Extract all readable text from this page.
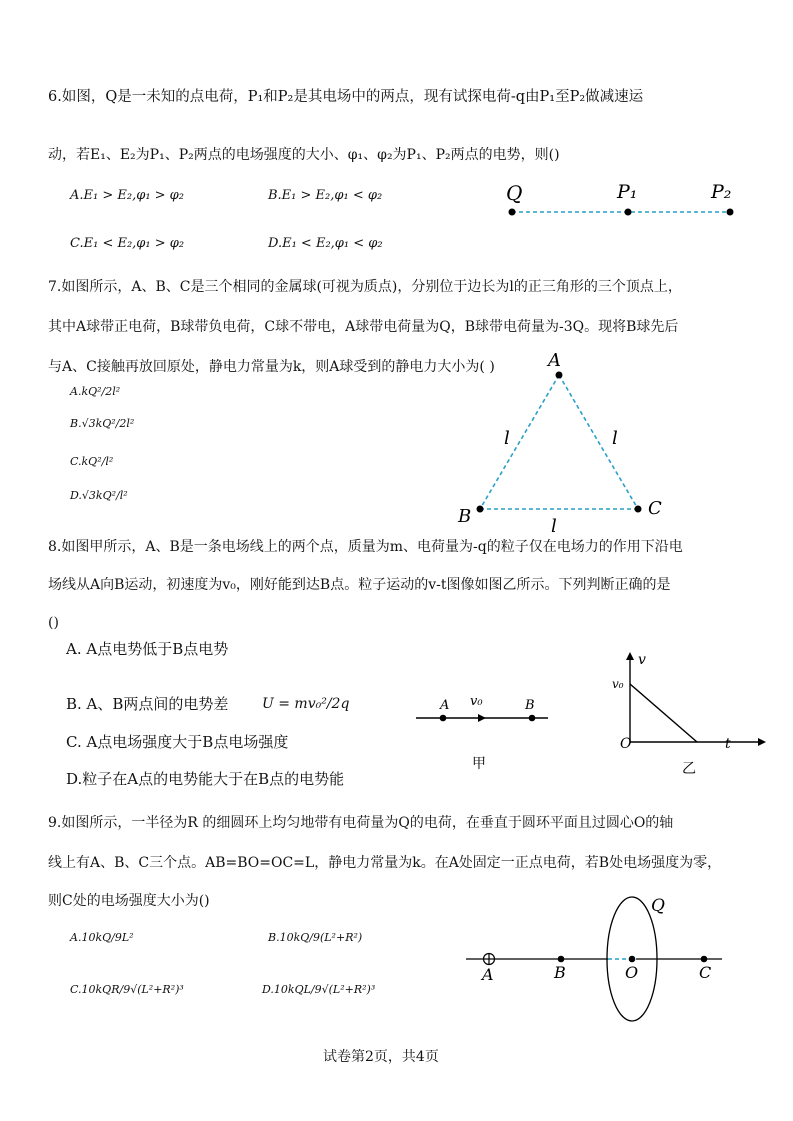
6.如图，Q是一未知的点电荷，P₁和P₂是其电场中的两点，现有试探电荷-q由P₁至P₂做减速运
动，若E₁、E₂为P₁、P₂两点的电场强度的大小、φ₁、φ₂为P₁、P₂两点的电势，则()
A.E₁ > E₂,φ₁ > φ₂	B.E₁ > E₂,φ₁ < φ₂
C.E₁ < E₂,φ₁ > φ₂	D.E₁ < E₂,φ₁ < φ₂
Q	P₁	P₂
7.如图所示，A、B、C是三个相同的金属球(可视为质点)，分别位于边长为l的正三角形的三个顶点上，
其中A球带正电荷，B球带负电荷，C球不带电，A球带电荷量为Q，B球带电荷量为-3Q。现将B球先后
与A、C接触再放回原处，静电力常量为k，则A球受到的静电力大小为( )
A.kQ²/2l²
B.√3kQ²/2l²
C.kQ²/l²
D.√3kQ²/l²
A
B	C
l	l
l
8.如图甲所示，A、B是一条电场线上的两个点，质量为m、电荷量为-q的粒子仅在电场力的作用下沿电
场线从A向B运动，初速度为v₀，刚好能到达B点。粒子运动的v-t图像如图乙所示。下列判断正确的是
()
A. A点电势低于B点电势
B. A、B两点间的电势差 U = mv₀²/2q
C. A点电场强度大于B点电场强度
D.粒子在A点的电势能大于在B点的电势能
A v₀	B
甲
v
v₀
O	t
乙
9.如图所示，一半径为R 的细圆环上均匀地带有电荷量为Q的电荷，在垂直于圆环平面且过圆心O的轴
线上有A、B、C三个点。AB=BO=OC=L，静电力常量为k。在A处固定一正点电荷，若B处电场强度为零，
则C处的电场强度大小为()
A.10kQ/9L²	B.10kQ/9(L²+R²)
C.10kQR/9√(L²+R²)³	D.10kQL/9√(L²+R²)³
A	B	O	C
Q
试卷第2页，共4页
